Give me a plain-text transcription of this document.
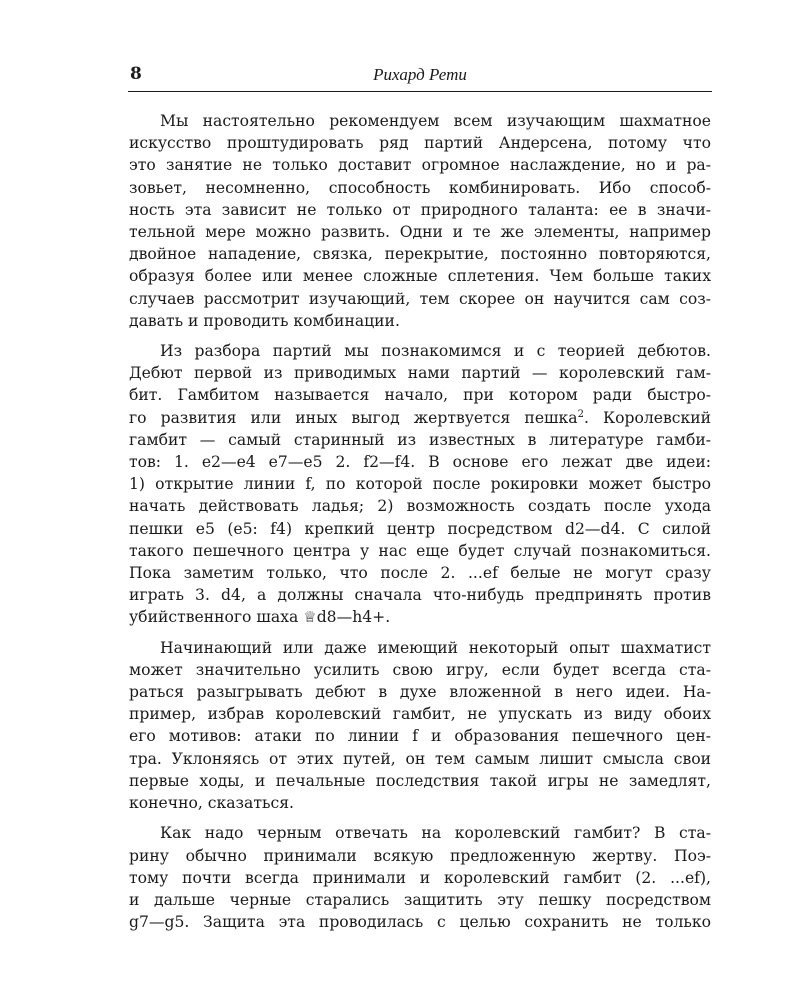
8	Рихард Рети

Мы настоятельно рекомендуем всем изучающим шахматное
искусство проштудировать ряд партий Андерсена, потому что
это занятие не только доставит огромное наслаждение, но и ра-
зовьет, несомненно, способность комбинировать. Ибо способ-
ность эта зависит не только от природного таланта: ее в значи-
тельной мере можно развить. Одни и те же элементы, например
двойное нападение, связка, перекрытие, постоянно повторяются,
образуя более или менее сложные сплетения. Чем больше таких
случаев рассмотрит изучающий, тем скорее он научится сам соз-
давать и проводить комбинации.

Из разбора партий мы познакомимся и с теорией дебютов.
Дебют первой из приводимых нами партий — королевский гам-
бит. Гамбитом называется начало, при котором ради быстро-
го развития или иных выгод жертвуется пешка$^2$. Королевский
гамбит — самый старинный из известных в литературе гамби-
тов: 1. e2—e4 e7—e5 2. f2—f4. В основе его лежат две идеи:
1) открытие линии f, по которой после рокировки может быстро
начать действовать ладья; 2) возможность создать после ухода
пешки e5 (e5: f4) крепкий центр посредством d2—d4. С силой
такого пешечного центра у нас еще будет случай познакомиться.
Пока заметим только, что после 2. ...ef белые не могут сразу
играть 3. d4, а должны сначала что-нибудь предпринять против
убийственного шаха ♕d8—h4+.

Начинающий или даже имеющий некоторый опыт шахматист
может значительно усилить свою игру, если будет всегда ста-
раться разыгрывать дебют в духе вложенной в него идеи. На-
пример, избрав королевский гамбит, не упускать из виду обоих
его мотивов: атаки по линии f и образования пешечного цен-
тра. Уклоняясь от этих путей, он тем самым лишит смысла свои
первые ходы, и печальные последствия такой игры не замедлят,
конечно, сказаться.

Как надо черным отвечать на королевский гамбит? В ста-
рину обычно принимали всякую предложенную жертву. Поэ-
тому почти всегда принимали и королевский гамбит (2. ...ef),
и дальше черные старались защитить эту пешку посредством
g7—g5. Защита эта проводилась с целью сохранить не только
